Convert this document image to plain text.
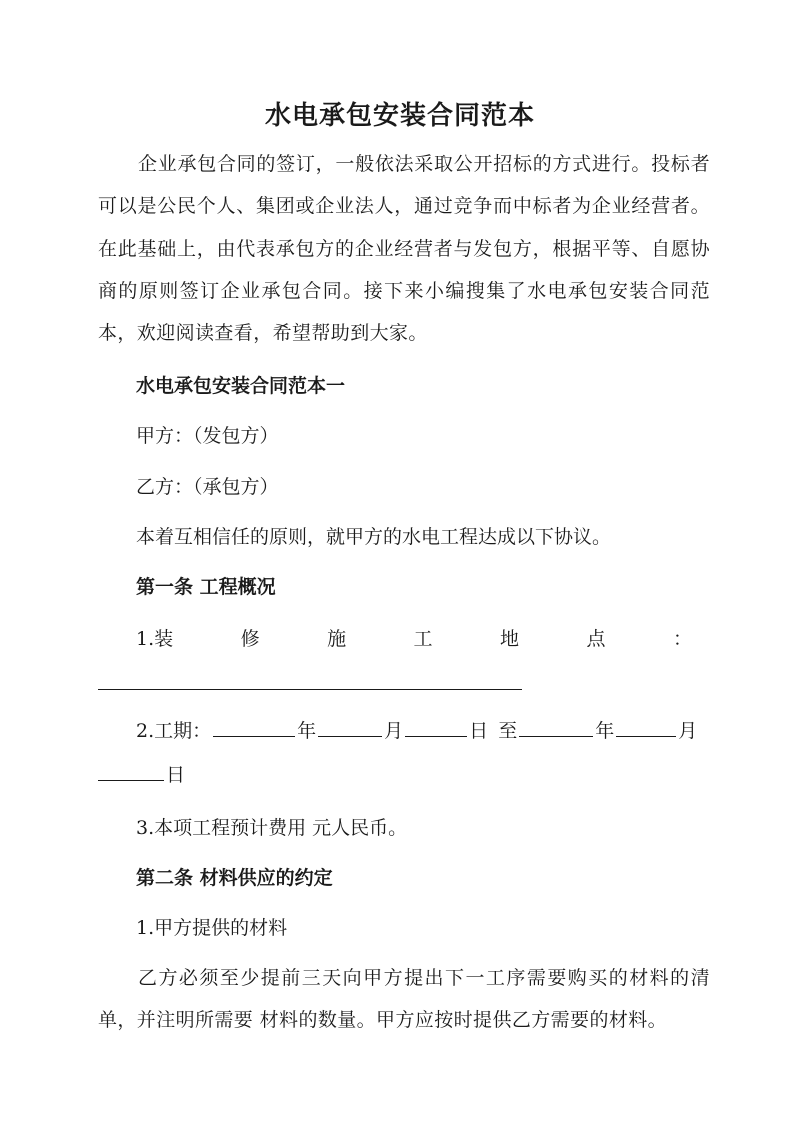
水电承包安装合同范本

企业承包合同的签订，一般依法采取公开招标的方式进行。投标者可以是公民个人、集团或企业法人，通过竞争而中标者为企业经营者。在此基础上，由代表承包方的企业经营者与发包方，根据平等、自愿协商的原则签订企业承包合同。接下来小编搜集了水电承包安装合同范本，欢迎阅读查看，希望帮助到大家。

水电承包安装合同范本一

甲方：（发包方）

乙方：（承包方）

本着互相信任的原则，就甲方的水电工程达成以下协议。

第一条 工程概况

1.装	修	施	工	地	点	：
2.工期：	年	月	日 至	年	月
日

3.本项工程预计费用 元人民币。

第二条 材料供应的约定

1.甲方提供的材料

乙方必须至少提前三天向甲方提出下一工序需要购买的材料的清单，并注明所需要 材料的数量。甲方应按时提供乙方需要的材料。
